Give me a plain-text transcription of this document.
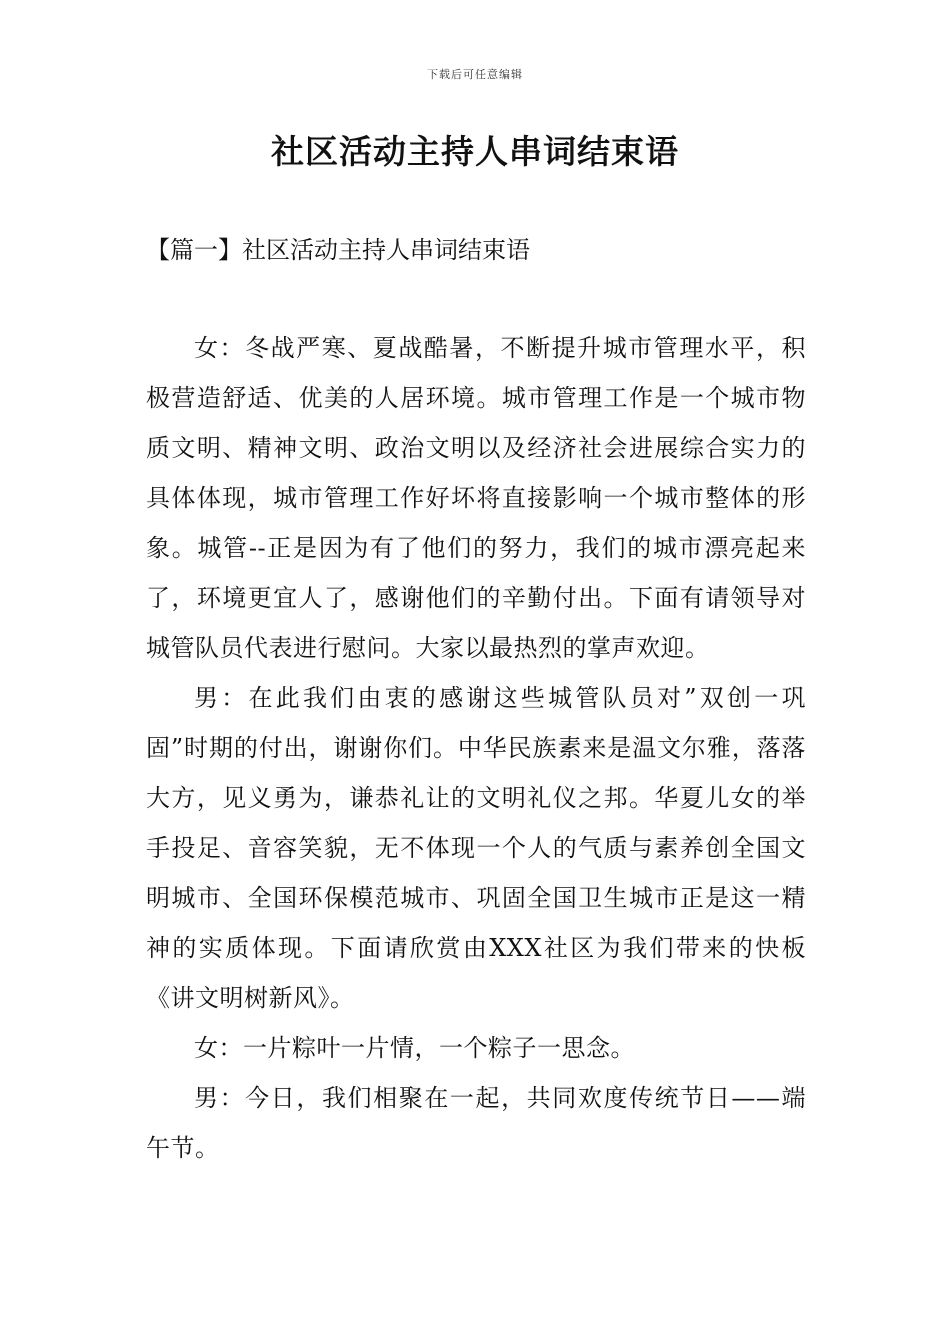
下载后可任意编辑
社区活动主持人串词结束语
【篇一】社区活动主持人串词结束语

女：冬战严寒、夏战酷暑，不断提升城市管理水平，积极营造舒适、优美的人居环境。城市管理工作是一个城市物质文明、精神文明、政治文明以及经济社会进展综合实力的具体体现，城市管理工作好坏将直接影响一个城市整体的形象。城管--正是因为有了他们的努力，我们的城市漂亮起来了，环境更宜人了，感谢他们的辛勤付出。下面有请领导对城管队员代表进行慰问。大家以最热烈的掌声欢迎。

男：在此我们由衷的感谢这些城管队员对”双创一巩固”时期的付出，谢谢你们。中华民族素来是温文尔雅，落落大方，见义勇为，谦恭礼让的文明礼仪之邦。华夏儿女的举手投足、音容笑貌，无不体现一个人的气质与素养创全国文明城市、全国环保模范城市、巩固全国卫生城市正是这一精神的实质体现。下面请欣赏由XXX社区为我们带来的快板《讲文明树新风》。

女：一片粽叶一片情，一个粽子一思念。

男：今日，我们相聚在一起，共同欢度传统节日——端午节。
